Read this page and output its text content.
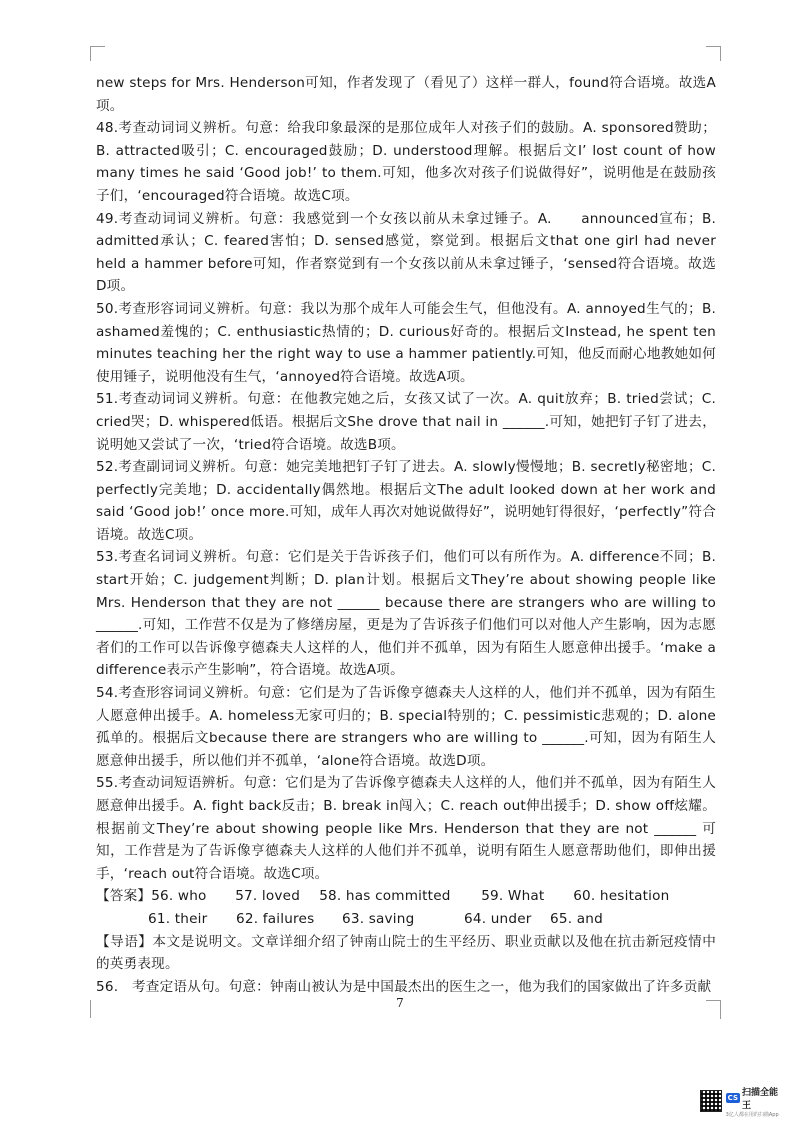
new steps for Mrs. Henderson可知，作者发现了（看见了）这样一群人，found符合语境。故选A项。

48.考查动词词义辨析。句意：给我印象最深的是那位成年人对孩子们的鼓励。A. sponsored赞助；B. attracted吸引；C. encouraged鼓励；D. understood理解。根据后文I’ lost count of how many times he said ‘Good job!’ to them.可知，他多次对孩子们说做得好”，说明他是在鼓励孩子们，‘encouraged符合语境。故选C项。

49.考查动词词义辨析。句意：我感觉到一个女孩以前从未拿过锤子。A.　　announced宣布；B. admitted承认；C. feared害怕；D. sensed感觉，察觉到。根据后文that one girl had never held a hammer before可知，作者察觉到有一个女孩以前从未拿过锤子，‘sensed符合语境。故选D项。

50.考查形容词词义辨析。句意：我以为那个成年人可能会生气，但他没有。A. annoyed生气的；B. ashamed羞愧的；C. enthusiastic热情的；D. curious好奇的。根据后文Instead, he spent ten minutes teaching her the right way to use a hammer patiently.可知，他反而耐心地教她如何使用锤子，说明他没有生气，‘annoyed符合语境。故选A项。

51.考查动词词义辨析。句意：在他教完她之后，女孩又试了一次。A. quit放弃；B. tried尝试；C. cried哭；D. whispered低语。根据后文She drove that nail in ______.可知，她把钉子钉了进去，说明她又尝试了一次，‘tried符合语境。故选B项。

52.考查副词词义辨析。句意：她完美地把钉子钉了进去。A. slowly慢慢地；B. secretly秘密地；C. perfectly完美地；D. accidentally偶然地。根据后文The adult looked down at her work and said ‘Good job!’ once more.可知，成年人再次对她说做得好”，说明她钉得很好，‘perfectly”符合语境。故选C项。

53.考查名词词义辨析。句意：它们是关于告诉孩子们，他们可以有所作为。A. difference不同；B. start开始；C. judgement判断；D. plan计划。根据后文They’re about showing people like Mrs. Henderson that they are not ______ because there are strangers who are willing to ______.可知，工作营不仅是为了修缮房屋，更是为了告诉孩子们他们可以对他人产生影响，因为志愿者们的工作可以告诉像亨德森夫人这样的人，他们并不孤单，因为有陌生人愿意伸出援手。‘make a difference表示产生影响”，符合语境。故选A项。

54.考查形容词词义辨析。句意：它们是为了告诉像亨德森夫人这样的人，他们并不孤单，因为有陌生人愿意伸出援手。A. homeless无家可归的；B. special特别的；C. pessimistic悲观的；D. alone孤单的。根据后文because there are strangers who are willing to ______.可知，因为有陌生人愿意伸出援手，所以他们并不孤单，‘alone符合语境。故选D项。

55.考查动词短语辨析。句意：它们是为了告诉像亨德森夫人这样的人，他们并不孤单，因为有陌生人愿意伸出援手。A. fight back反击；B. break in闯入；C. reach out伸出援手；D. show off炫耀。根据前文They’re about showing people like Mrs. Henderson that they are not ______ 可知，工作营是为了告诉像亨德森夫人这样的人他们并不孤单，说明有陌生人愿意帮助他们，即伸出援手，‘reach out符合语境。故选C项。

【答案】 56. who	57. loved	58. has committed	59. What	60. hesitation
61. their	62. failures	63. saving	64. under	65. and

【导语】本文是说明文。文章详细介绍了钟南山院士的生平经历、职业贡献以及他在抗击新冠疫情中的英勇表现。

56.　考查定语从句。句意：钟南山被认为是中国最杰出的医生之一，他为我们的国家做出了许多贡献

7
CS 扫描全能王
3亿人都在用的扫描App
